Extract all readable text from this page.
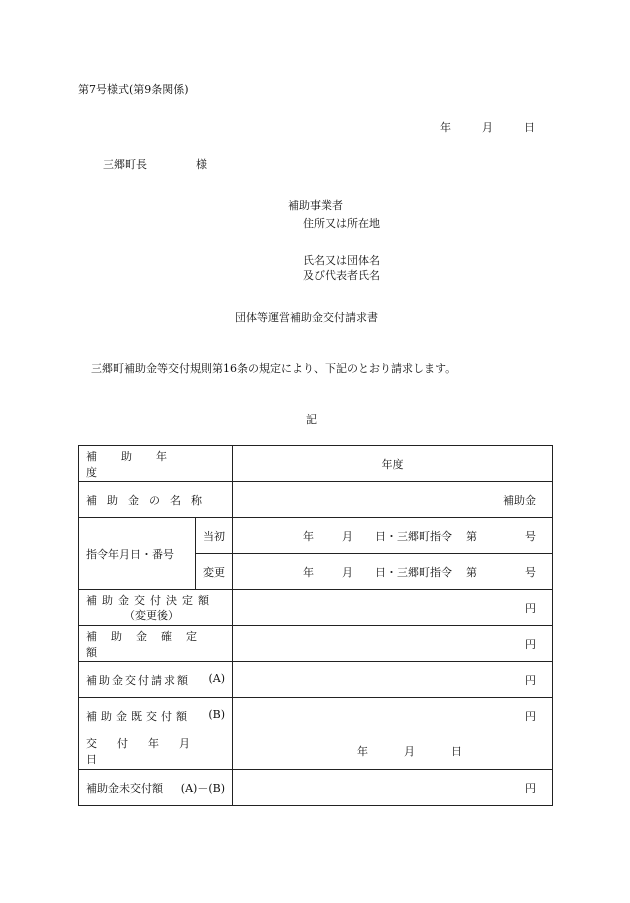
第7号様式(第9条関係)
年	月	日
三郷町長	様
補助事業者
住所又は所在地
氏名又は団体名
及び代表者氏名
団体等運営補助金交付請求書
三郷町補助金等交付規則第16条の規定により、下記のとおり請求します。
記
補助年度		年度
補助金の名称		補助金
指令年月日・番号	当初	年 月 日・三郷町指令 第 号

	変更	年 月 日・三郷町指令 第 号

補助金交付決定額
（変更後）		円
補助金確定額		円

補助金交付請求額 (A)		円

補助金既交付額 (B)		円
交付年月日		年 月 日

補助金未交付額 (A)－(B)		円
